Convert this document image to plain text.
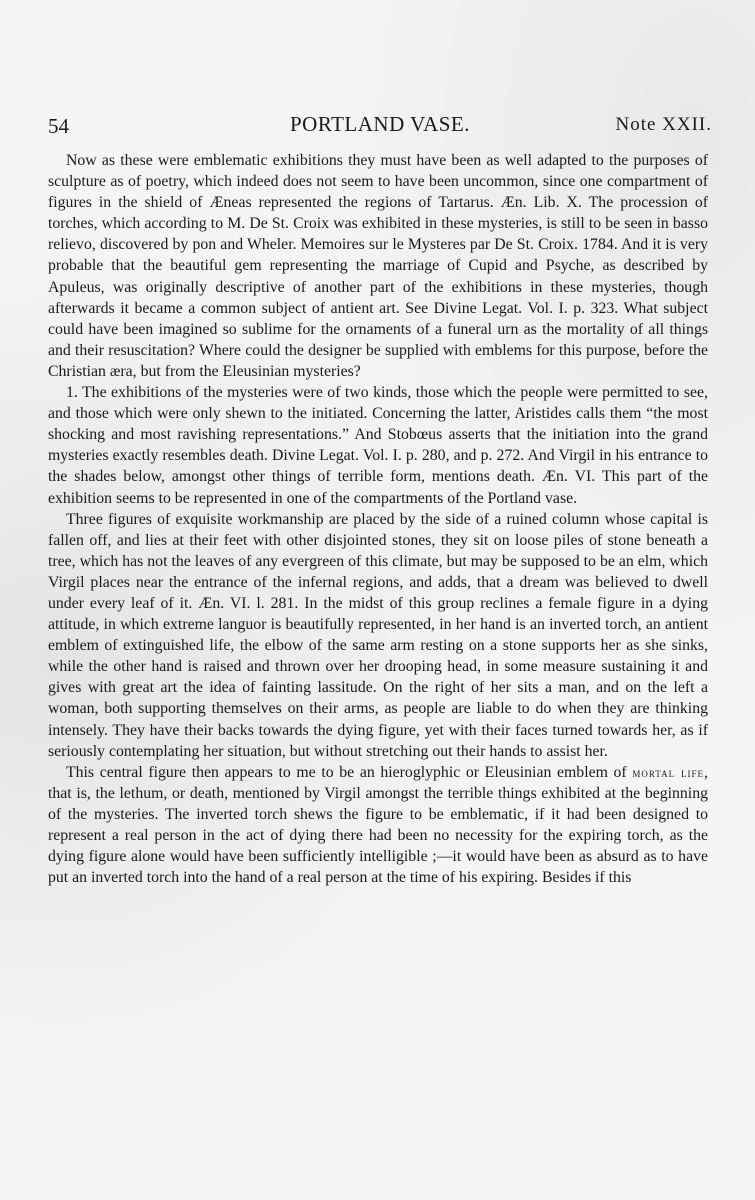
54	PORTLAND VASE.	Note XXII.

Now as these were emblematic exhibitions they must have been as well adapted to the purposes of sculpture as of poetry, which indeed does not seem to have been uncommon, since one compartment of figures in the shield of Æneas represented the regions of Tartarus. Æn. Lib. X. The procession of torches, which according to M. De St. Croix was exhibited in these mysteries, is still to be seen in basso relievo, discovered by pon and Wheler. Memoires sur le Mysteres par De St. Croix. 1784. And it is very probable that the beautiful gem representing the marriage of Cupid and Psyche, as described by Apuleus, was originally descriptive of another part of the exhibitions in these mysteries, though afterwards it became a common subject of antient art. See Divine Legat. Vol. I. p. 323. What subject could have been imagined so sublime for the ornaments of a funeral urn as the mortality of all things and their resuscitation? Where could the designer be supplied with emblems for this purpose, before the Christian æra, but from the Eleusinian mysteries?

1. The exhibitions of the mysteries were of two kinds, those which the people were permitted to see, and those which were only shewn to the initiated. Concerning the latter, Aristides calls them “the most shocking and most ravishing representations.” And Stobœus asserts that the initiation into the grand mysteries exactly resembles death. Divine Legat. Vol. I. p. 280, and p. 272. And Virgil in his entrance to the shades below, amongst other things of terrible form, mentions death. Æn. VI. This part of the exhibition seems to be represented in one of the compartments of the Portland vase.

Three figures of exquisite workmanship are placed by the side of a ruined column whose capital is fallen off, and lies at their feet with other disjointed stones, they sit on loose piles of stone beneath a tree, which has not the leaves of any evergreen of this climate, but may be supposed to be an elm, which Virgil places near the entrance of the infernal regions, and adds, that a dream was believed to dwell under every leaf of it. Æn. VI. l. 281. In the midst of this group reclines a female figure in a dying attitude, in which extreme languor is beautifully represented, in her hand is an inverted torch, an antient emblem of extinguished life, the elbow of the same arm resting on a stone supports her as she sinks, while the other hand is raised and thrown over her drooping head, in some measure sustaining it and gives with great art the idea of fainting lassitude. On the right of her sits a man, and on the left a woman, both supporting themselves on their arms, as people are liable to do when they are thinking intensely. They have their backs towards the dying figure, yet with their faces turned towards her, as if seriously contemplating her situation, but without stretching out their hands to assist her.

This central figure then appears to me to be an hieroglyphic or Eleusinian emblem of mortal life, that is, the lethum, or death, mentioned by Virgil amongst the terrible things exhibited at the beginning of the mysteries. The inverted torch shews the figure to be emblematic, if it had been designed to represent a real person in the act of dying there had been no necessity for the expiring torch, as the dying figure alone would have been sufficiently intelligible ;—it would have been as absurd as to have put an inverted torch into the hand of a real person at the time of his expiring. Besides if this
